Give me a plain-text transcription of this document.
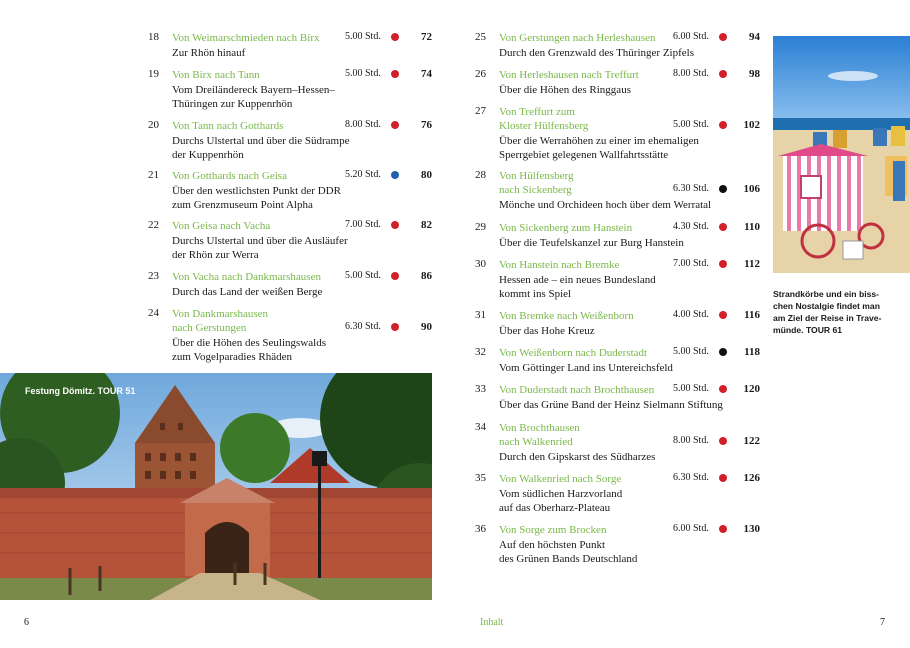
18 Von Weimarschmieden nach Birx	5.00 Std.	72
Zur Rhön hinauf
19 Von Birx nach Tann	5.00 Std.	74
Vom Dreiländereck Bayern–Hessen–
Thüringen zur Kuppenrhön
20 Von Tann nach Gotthards	8.00 Std.	76
Durchs Ulstertal und über die Südrampe
der Kuppenrhön
21 Von Gotthards nach Geisa	5.20 Std.	80
Über den westlichsten Punkt der DDR
zum Grenzmuseum Point Alpha
22 Von Geisa nach Vacha	7.00 Std.	82
Durchs Ulstertal und über die Ausläufer
der Rhön zur Werra
23 Von Vacha nach Dankmarshausen 5.00 Std.	86
Durch das Land der weißen Berge
24 Von Dankmarshausen
nach Gerstungen	6.30 Std.	90
Über die Höhen des Seulingswalds
zum Vogelparadies Rhäden
25 Von Gerstungen nach Herleshausen 6.00 Std.	94
Durch den Grenzwald des Thüringer Zipfels
26 Von Herleshausen nach Treffurt	8.00 Std.	98
Über die Höhen des Ringgaus
27 Von Treffurt zum
Kloster Hülfensberg	5.00 Std.	102
Über die Werrahöhen zu einer im ehemaligen
Sperrgebiet gelegenen Wallfahrtsstätte
28 Von Hülfensberg
nach Sickenberg	6.30 Std.	106
Mönche und Orchideen hoch über dem Werratal
29 Von Sickenberg zum Hanstein	4.30 Std.	110
Über die Teufelskanzel zur Burg Hanstein
30 Von Hanstein nach Bremke	7.00 Std.	112
Hessen ade – ein neues Bundesland
kommt ins Spiel
31 Von Bremke nach Weißenborn	4.00 Std.	116
Über das Hohe Kreuz
32 Von Weißenborn nach Duderstadt	5.00 Std.	118
Vom Göttinger Land ins Untereichsfeld
33 Von Duderstadt nach Brochthausen 5.00 Std.	120
Über das Grüne Band der Heinz Sielmann Stiftung
34 Von Brochthausen
nach Walkenried	8.00 Std.	122
Durch den Gipskarst des Südharzes
35 Von Walkenried nach Sorge	6.30 Std.	126
Vom südlichen Harzvorland
auf das Oberharz-Plateau
36 Von Sorge zum Brocken	6.00 Std.	130
Auf den höchsten Punkt
des Grünen Bands Deutschland
Festung Dömitz. TOUR 51
Strandkörbe und ein biss-
chen Nostalgie findet man
am Ziel der Reise in Trave-
münde. TOUR 61
6	Inhalt	7
